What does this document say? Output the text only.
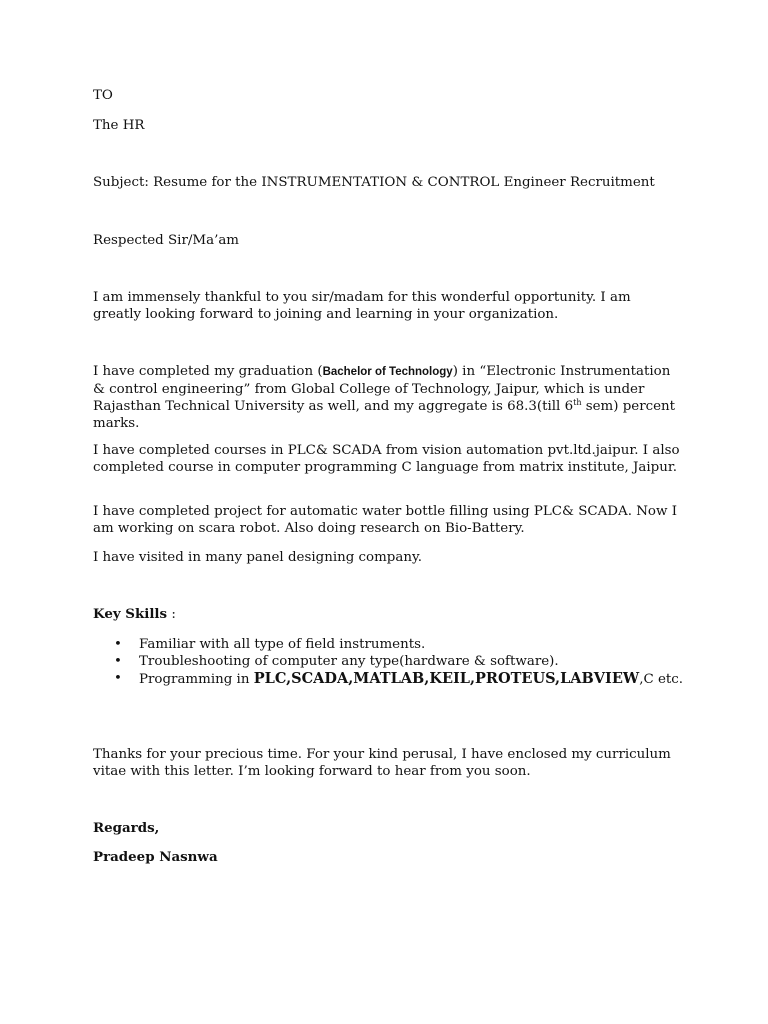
TO

The HR

Subject: Resume for the INSTRUMENTATION & CONTROL Engineer Recruitment

Respected Sir/Ma’am

I am immensely thankful to you sir/madam for this wonderful opportunity. I am greatly looking forward to joining and learning in your organization.

I have completed my graduation (Bachelor of Technology) in “Electronic Instrumentation & control engineering” from Global College of Technology, Jaipur, which is under Rajasthan Technical University as well, and my aggregate is 68.3(till 6th sem) percent marks.

I have completed courses in PLC& SCADA from vision automation pvt.ltd.jaipur. I also completed course in computer programming C language from matrix institute, Jaipur.

I have completed project for automatic water bottle filling using PLC& SCADA. Now I am working on scara robot. Also doing research on Bio-Battery.

I have visited in many panel designing company.

Key Skills :

• Familiar with all type of field instruments.
• Troubleshooting of computer any type(hardware & software).
• Programming in PLC,SCADA,MATLAB,KEIL,PROTEUS,LABVIEW,C etc.

Thanks for your precious time. For your kind perusal, I have enclosed my curriculum vitae with this letter. I’m looking forward to hear from you soon.

Regards,

Pradeep Nasnwa
